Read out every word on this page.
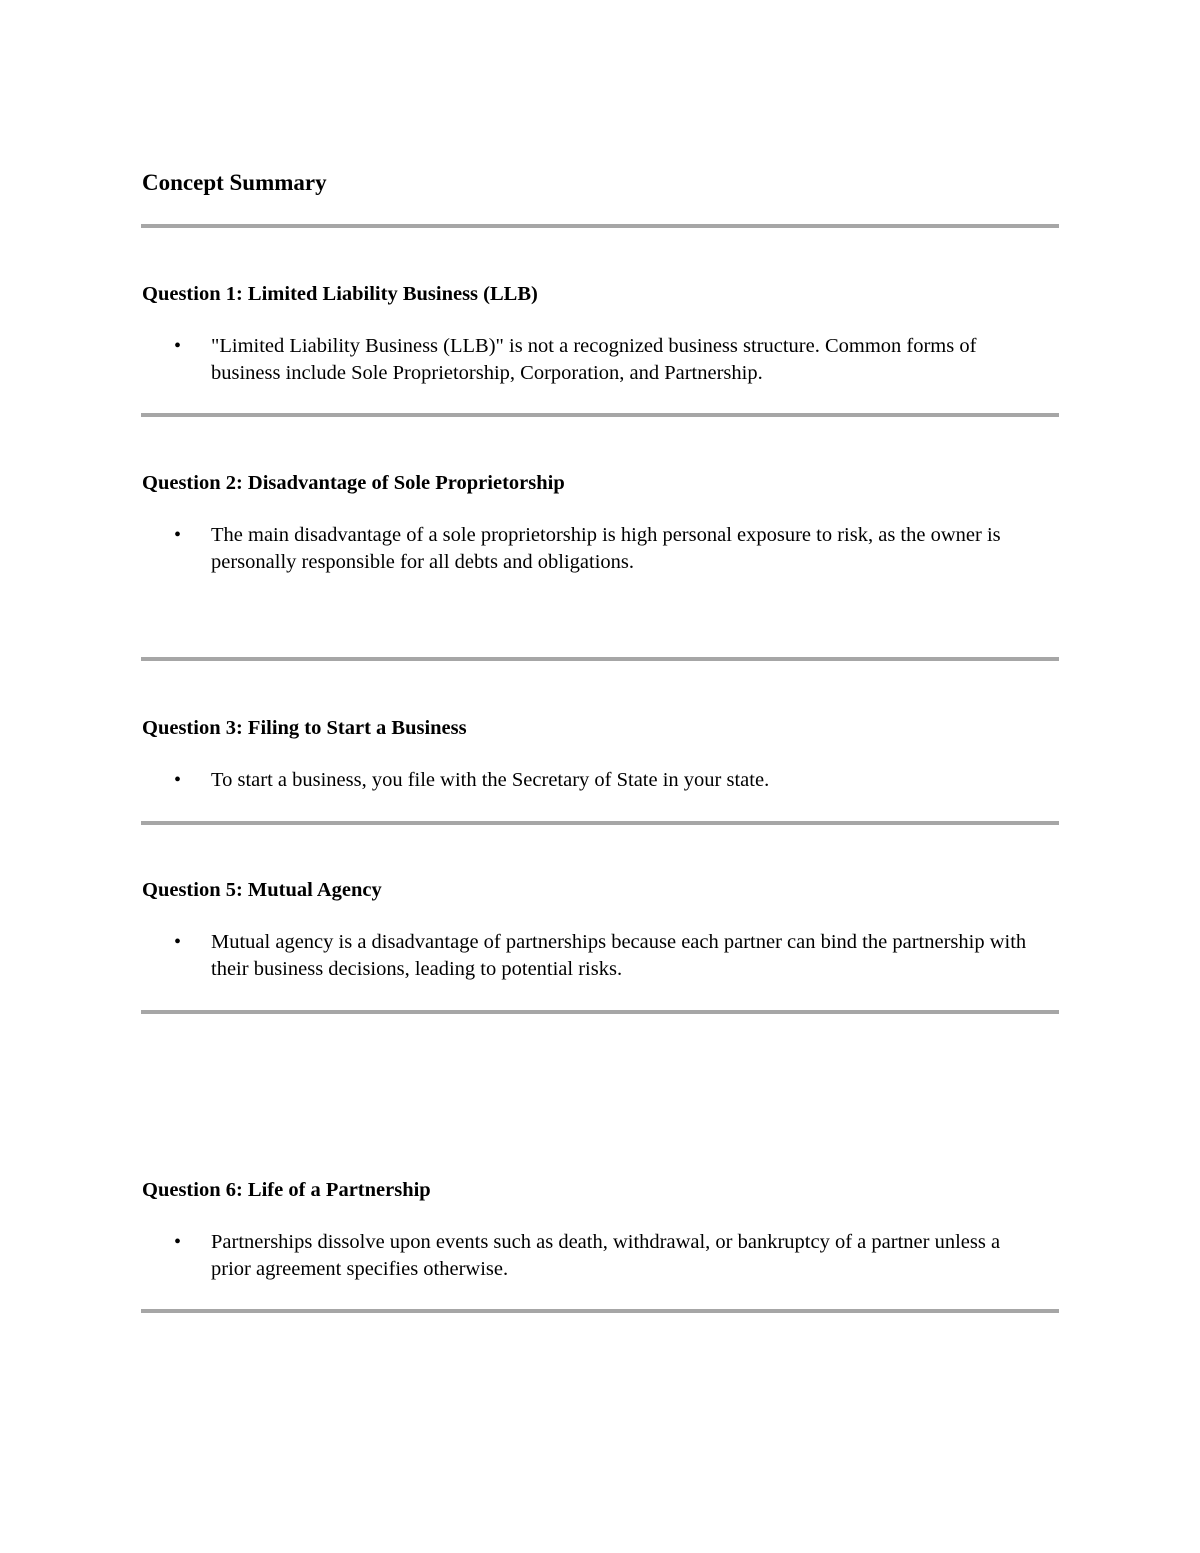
Concept Summary
Question 1: Limited Liability Business (LLB)
• "Limited Liability Business (LLB)" is not a recognized business structure. Common forms of business include Sole Proprietorship, Corporation, and Partnership.
Question 2: Disadvantage of Sole Proprietorship
• The main disadvantage of a sole proprietorship is high personal exposure to risk, as the owner is personally responsible for all debts and obligations.
Question 3: Filing to Start a Business
• To start a business, you file with the Secretary of State in your state.
Question 5: Mutual Agency
• Mutual agency is a disadvantage of partnerships because each partner can bind the partnership with their business decisions, leading to potential risks.
Question 6: Life of a Partnership
• Partnerships dissolve upon events such as death, withdrawal, or bankruptcy of a partner unless a prior agreement specifies otherwise.
